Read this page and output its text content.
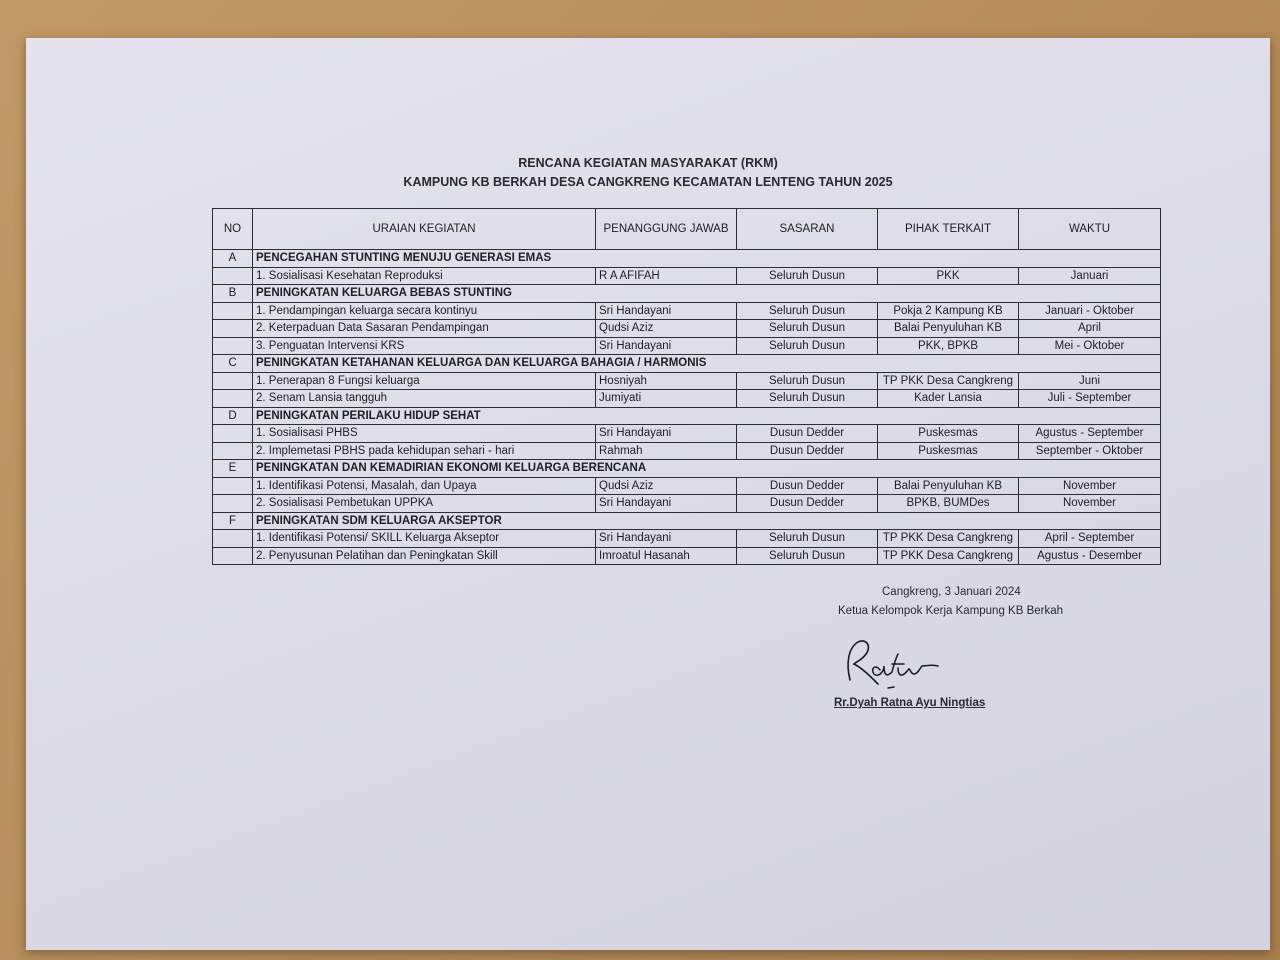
RENCANA KEGIATAN MASYARAKAT (RKM)
KAMPUNG KB BERKAH DESA CANGKRENG KECAMATAN LENTENG TAHUN 2025
NO	URAIAN KEGIATAN	PENANGGUNG JAWAB	SASARAN	PIHAK TERKAIT	WAKTU
A	PENCEGAHAN STUNTING MENUJU GENERASI EMAS				
	1. Sosialisasi Kesehatan Reproduksi	R A AFIFAH	Seluruh Dusun	PKK	Januari
B	PENINGKATAN KELUARGA BEBAS STUNTING				
	1. Pendampingan keluarga secara kontinyu	Sri Handayani	Seluruh Dusun	Pokja 2 Kampung KB	Januari - Oktober
	2. Keterpaduan Data Sasaran Pendampingan	Qudsi Aziz	Seluruh Dusun	Balai Penyuluhan KB	April
	3. Penguatan Intervensi KRS	Sri Handayani	Seluruh Dusun	PKK, BPKB	Mei - Oktober
C	PENINGKATAN KETAHANAN KELUARGA DAN KELUARGA BAHAGIA / HARMONIS				
	1. Penerapan 8 Fungsi keluarga	Hosniyah	Seluruh Dusun	TP PKK Desa Cangkreng	Juni
	2. Senam Lansia tangguh	Jumiyati	Seluruh Dusun	Kader Lansia	Juli - September
D	PENINGKATAN PERILAKU HIDUP SEHAT				
	1. Sosialisasi PHBS	Sri Handayani	Dusun Dedder	Puskesmas	Agustus - September
	2. Implemetasi PBHS pada kehidupan sehari - hari	Rahmah	Dusun Dedder	Puskesmas	September - Oktober
E	PENINGKATAN DAN KEMADIRIAN EKONOMI KELUARGA BERENCANA				
	1. Identifikasi Potensi, Masalah, dan Upaya	Qudsi Aziz	Dusun Dedder	Balai Penyuluhan KB	November
	2. Sosialisasi Pembetukan UPPKA	Sri Handayani	Dusun Dedder	BPKB, BUMDes	November
F	PENINGKATAN SDM KELUARGA AKSEPTOR				
	1. Identifikasi Potensi/ SKILL Keluarga Akseptor	Sri Handayani	Seluruh Dusun	TP PKK Desa Cangkreng	April - September
	2. Penyusunan Pelatihan dan Peningkatan Skill	Imroatul Hasanah	Seluruh Dusun	TP PKK Desa Cangkreng	Agustus - Desember
Cangkreng, 3 Januari 2024
Ketua Kelompok Kerja Kampung KB Berkah
Rr.Dyah Ratna Ayu Ningtias
